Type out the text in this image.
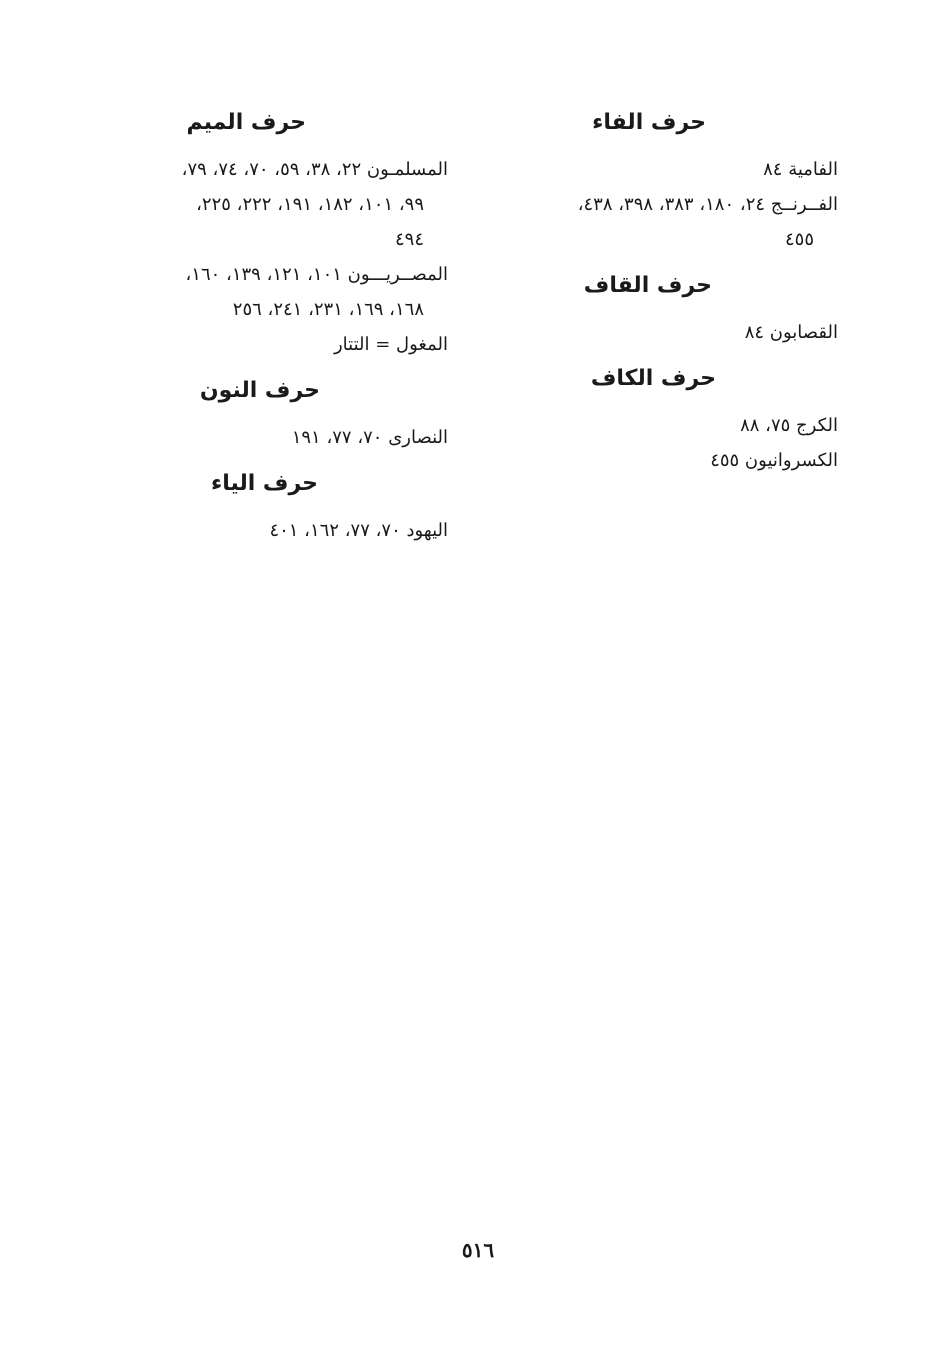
حرف الفاء

الفامية ٨٤

الفــرنــج ٢٤، ١٨٠، ٣٨٣، ٣٩٨، ٤٣٨،
٤٥٥

حرف القاف

القصابون ٨٤

حرف الكاف

الكرج ٧٥، ٨٨

الكسروانيون ٤٥٥

حرف الميم

المسلمـون ٢٢، ٣٨، ٥٩، ٧٠، ٧٤، ٧٩،
٩٩، ١٠١، ١٨٢، ١٩١، ٢٢٢، ٢٢٥،
٤٩٤

المصــريـــون ١٠١، ١٢١، ١٣٩، ١٦٠،
١٦٨، ١٦٩، ٢٣١، ٢٤١، ٢٥٦

المغول = التتار

حرف النون

النصارى ٧٠، ٧٧، ١٩١

حرف الياء

اليهود ٧٠، ٧٧، ١٦٢، ٤٠١

٥١٦
